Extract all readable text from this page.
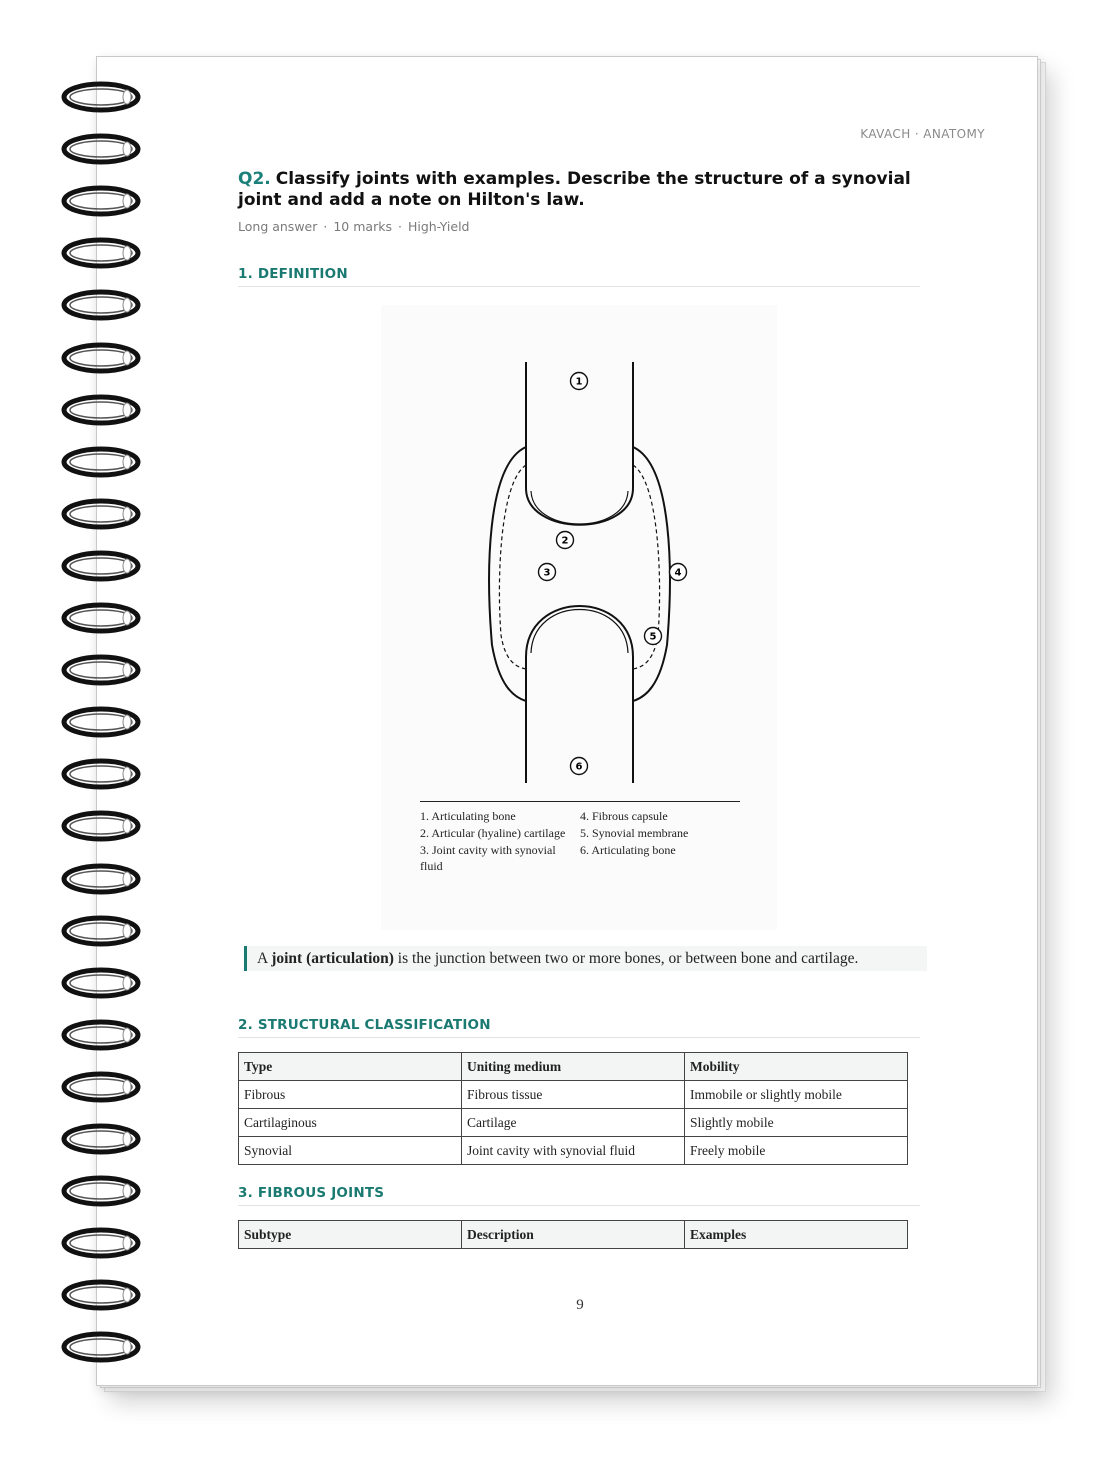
KAVACH · ANATOMY
Q2. Classify joints with examples. Describe the structure of a synovial joint and add a note on Hilton's law.
Long answer · 10 marks · High-Yield
1. DEFINITION
1
2
3	4
5
6
1. Articulating bone
2. Articular (hyaline) cartilage
3. Joint cavity with synovial fluid
4. Fibrous capsule
5. Synovial membrane
6. Articulating bone
A joint (articulation) is the junction between two or more bones, or between bone and cartilage.
2. STRUCTURAL CLASSIFICATION
Type	Uniting medium	Mobility
Fibrous	Fibrous tissue	Immobile or slightly mobile
Cartilaginous	Cartilage	Slightly mobile
Synovial	Joint cavity with synovial fluid	Freely mobile
3. FIBROUS JOINTS
Subtype	Description	Examples
9
